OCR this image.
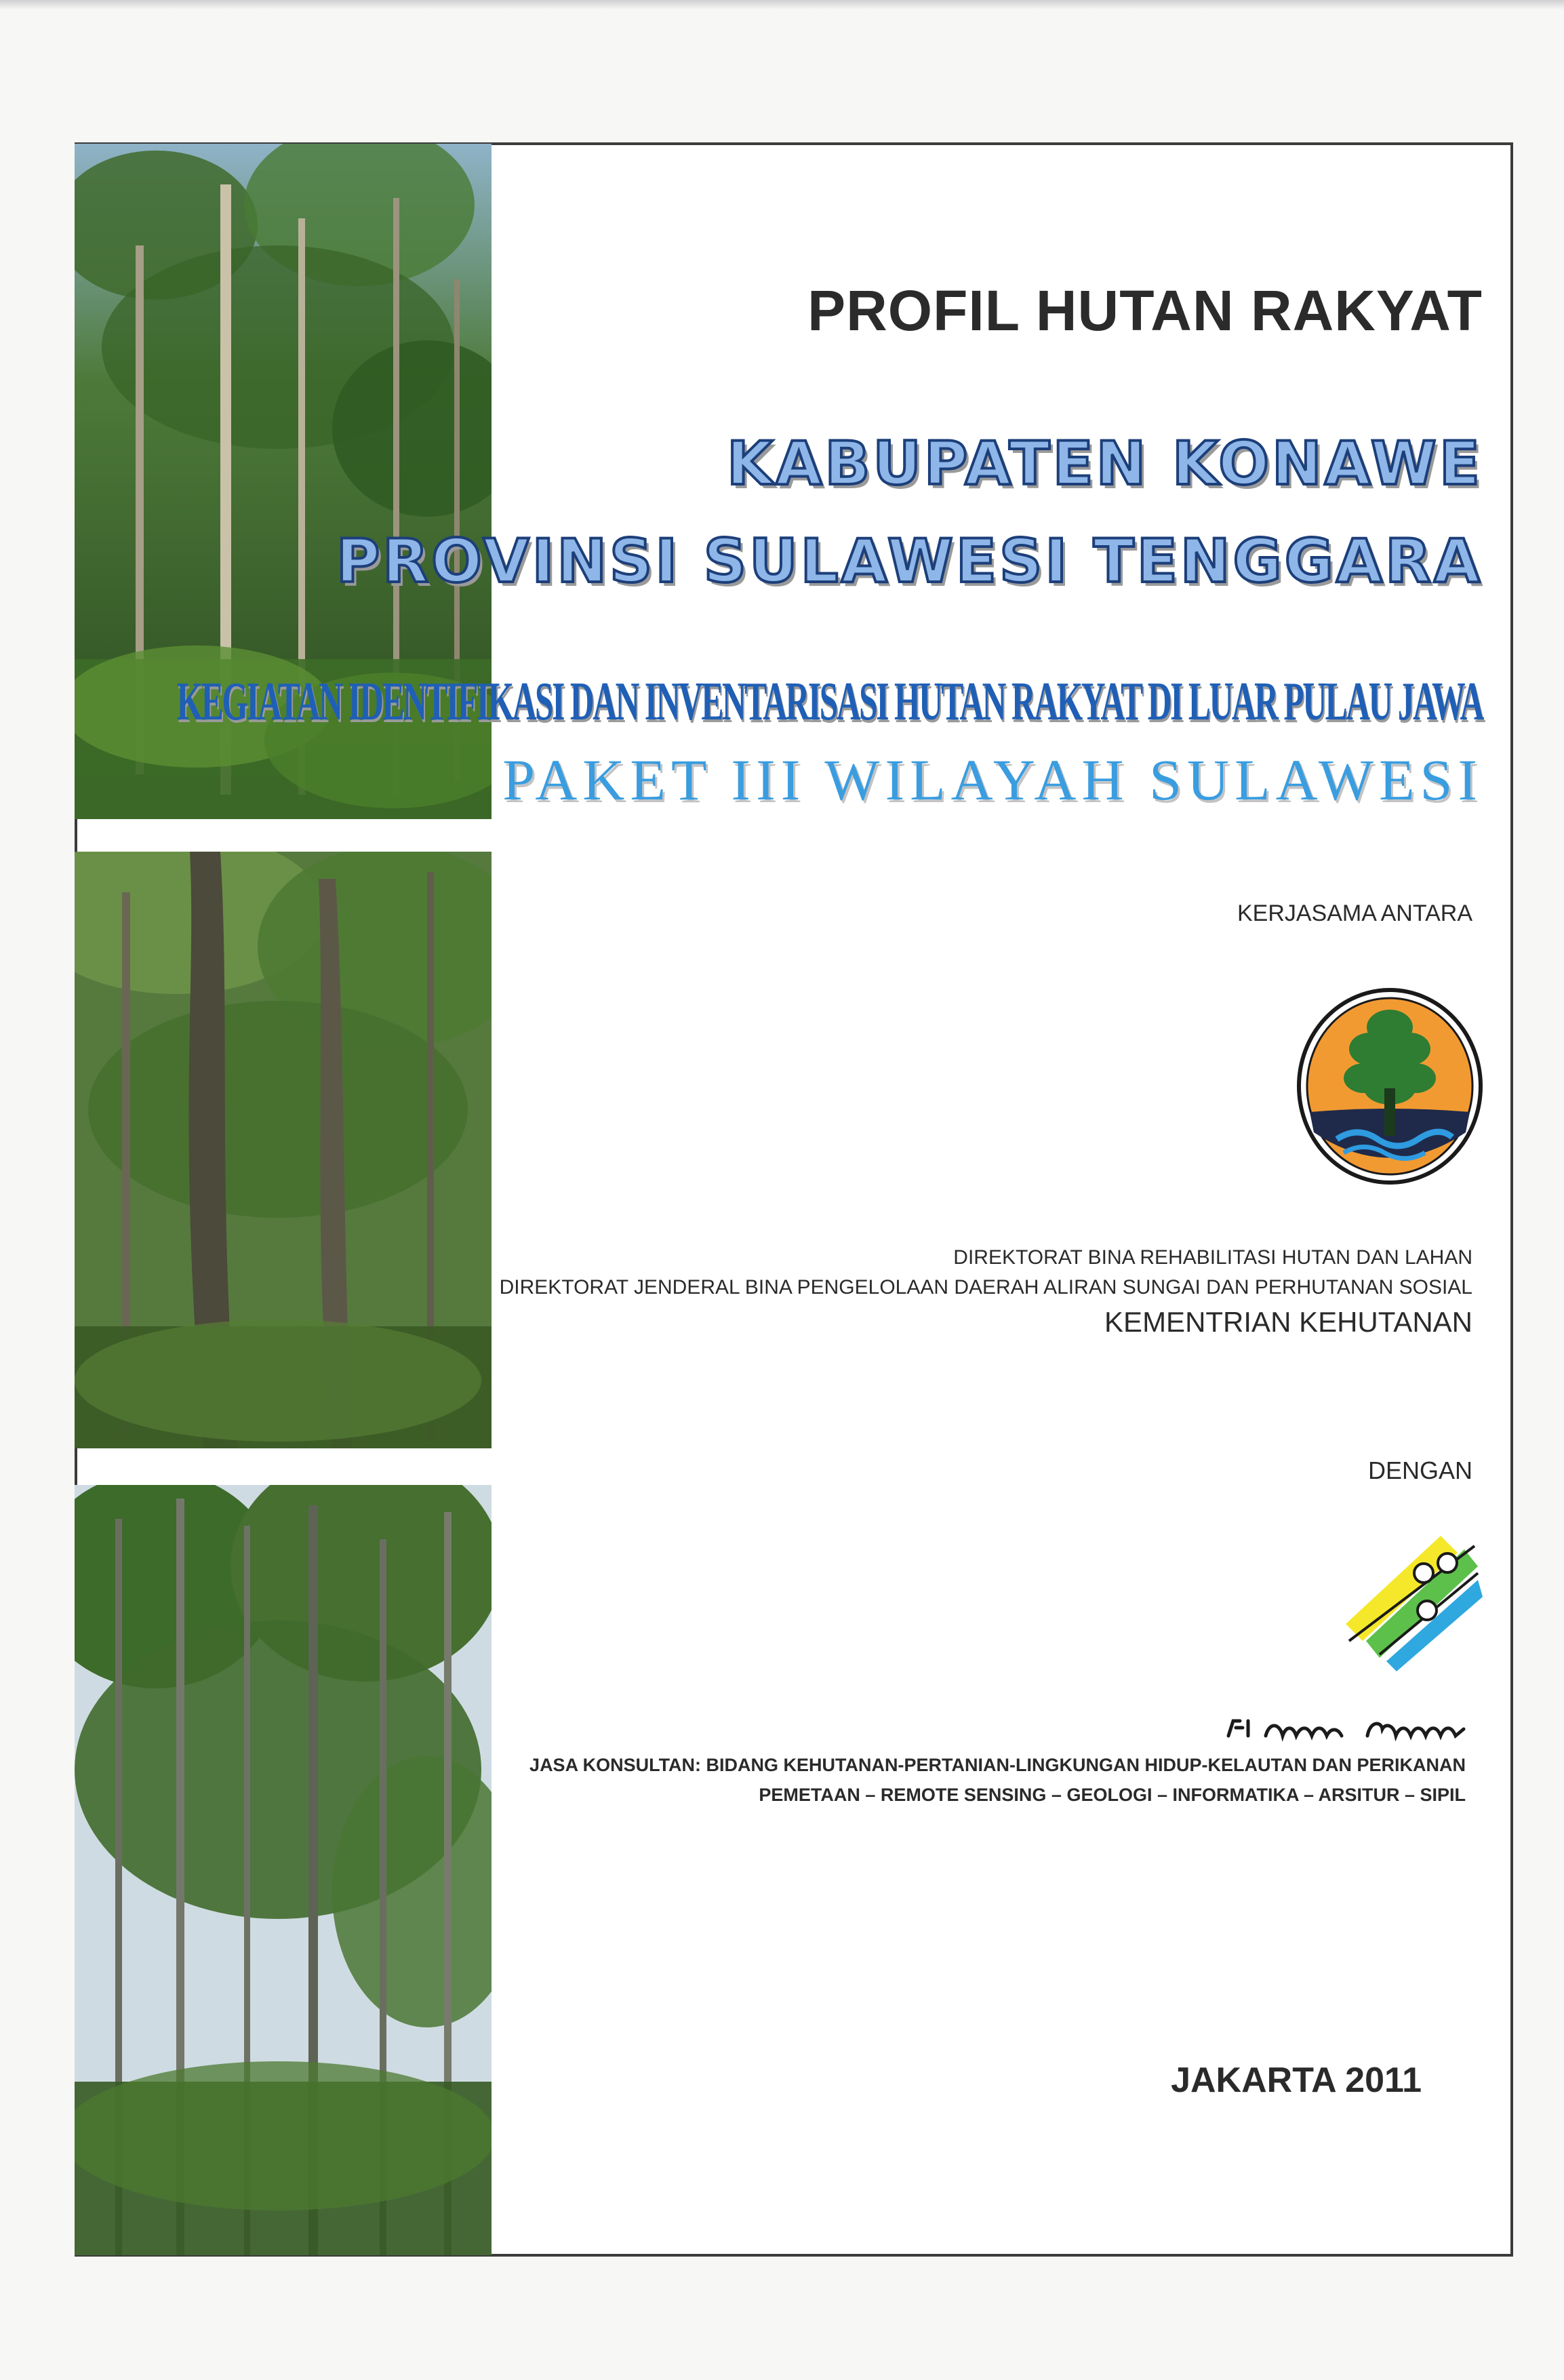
PROFIL HUTAN RAKYAT
KABUPATEN KONAWE
PROVINSI SULAWESI TENGGARA
KEGIATAN IDENTIFIKASI DAN INVENTARISASI HUTAN RAKYAT DI LUAR PULAU JAWA
PAKET III WILAYAH SULAWESI
KERJASAMA ANTARA
DIREKTORAT BINA REHABILITASI HUTAN DAN LAHAN
DIREKTORAT JENDERAL BINA PENGELOLAAN DAERAH ALIRAN SUNGAI DAN PERHUTANAN SOSIAL
KEMENTRIAN KEHUTANAN
DENGAN
JASA KONSULTAN: BIDANG KEHUTANAN-PERTANIAN-LINGKUNGAN HIDUP-KELAUTAN DAN PERIKANAN
PEMETAAN – REMOTE SENSING – GEOLOGI – INFORMATIKA – ARSITUR – SIPIL
JAKARTA 2011
